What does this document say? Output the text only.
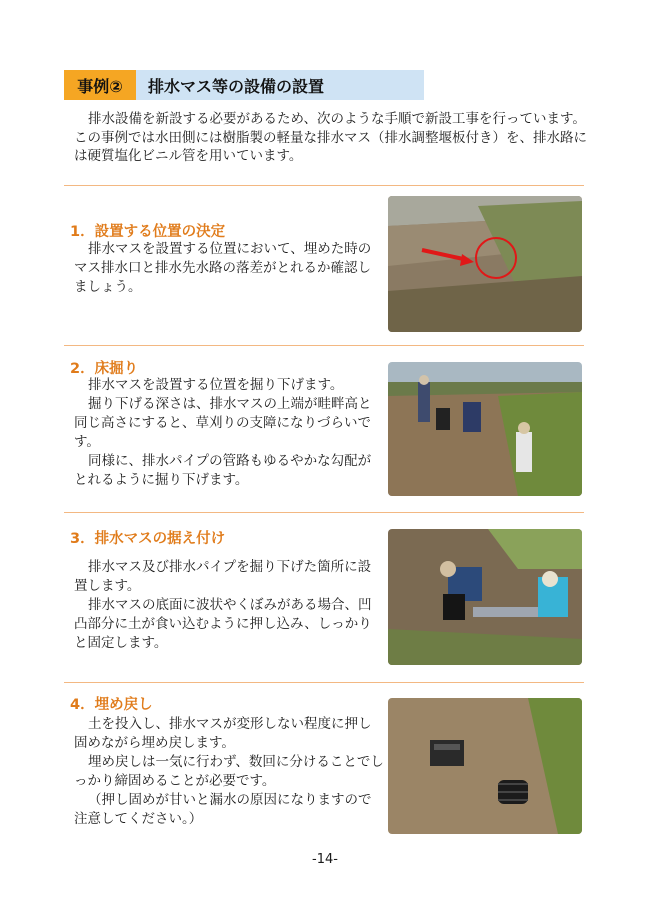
事例②	排水マス等の設備の設置

排水設備を新設する必要があるため、次のような手順で新設工事を行っています。この事例では水田側には樹脂製の軽量な排水マス（排水調整堰板付き）を、排水路には硬質塩化ビニル管を用いています。

1．設置する位置の決定

排水マスを設置する位置において、埋めた時のマス排水口と排水先水路の落差がとれるか確認しましょう。

2．床掘り

排水マスを設置する位置を掘り下げます。

掘り下げる深さは、排水マスの上端が畦畔高と同じ高さにすると、草刈りの支障になりづらいです。

同様に、排水パイプの管路もゆるやかな勾配がとれるように掘り下げます。

3．排水マスの据え付け

排水マス及び排水パイプを掘り下げた箇所に設置します。

排水マスの底面に波状やくぼみがある場合、凹凸部分に土が食い込むように押し込み、しっかりと固定します。

4．埋め戻し

土を投入し、排水マスが変形しない程度に押し固めながら埋め戻します。

埋め戻しは一気に行わず、数回に分けることでしっかり締固めることが必要です。

（押し固めが甘いと漏水の原因になりますので注意してください。）

-14-
